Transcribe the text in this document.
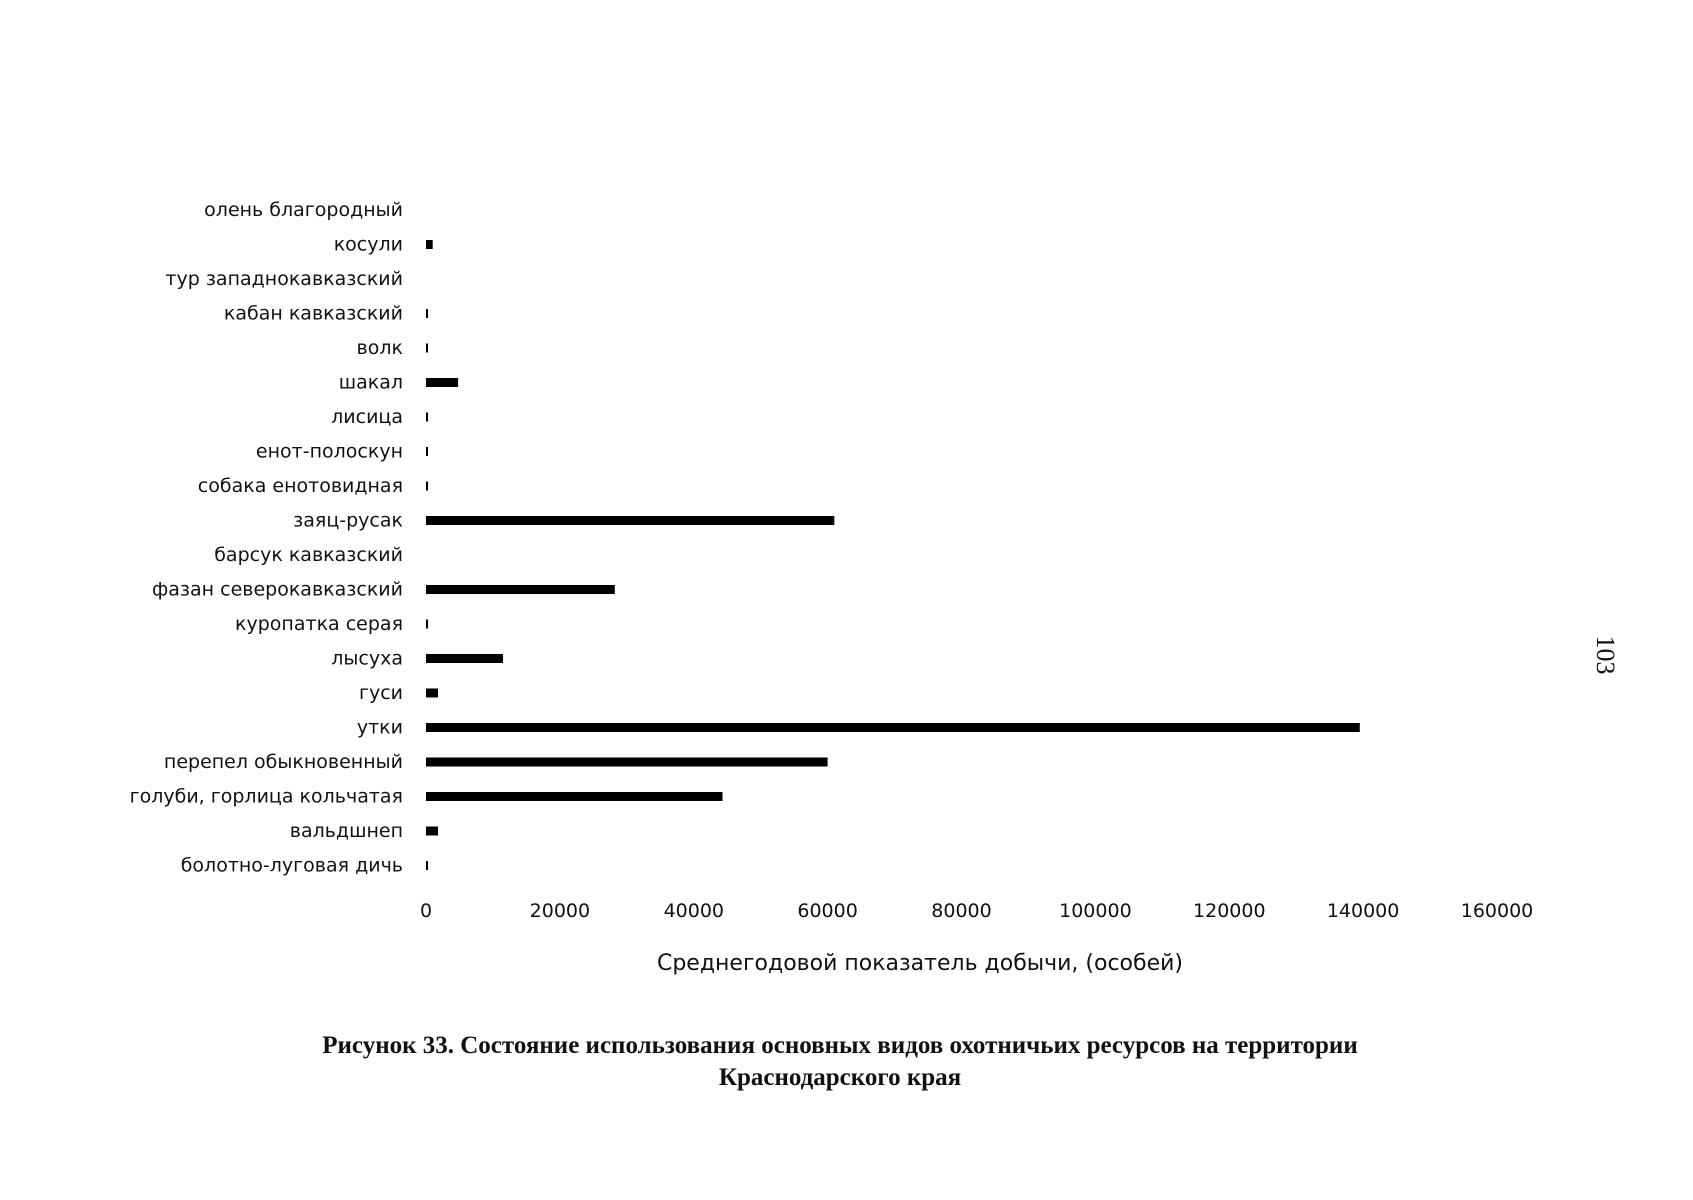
олень благородный
косули
тур западнокавказский
кабан кавказский
волк
шакал
лисица
енот-полоскун
собака енотовидная
заяц-русак
барсук кавказский
фазан северокавказский
куропатка серая
лысуха
гуси
утки
перепел обыкновенный
голуби, горлица кольчатая
вальдшнеп
болотно-луговая дичь
0	20000	40000	60000	80000	100000	120000	140000	160000
Среднегодовой показатель добычи, (особей)
Рисунок 33. Состояние использования основных видов охотничьих ресурсов на территории
Краснодарского края
103
